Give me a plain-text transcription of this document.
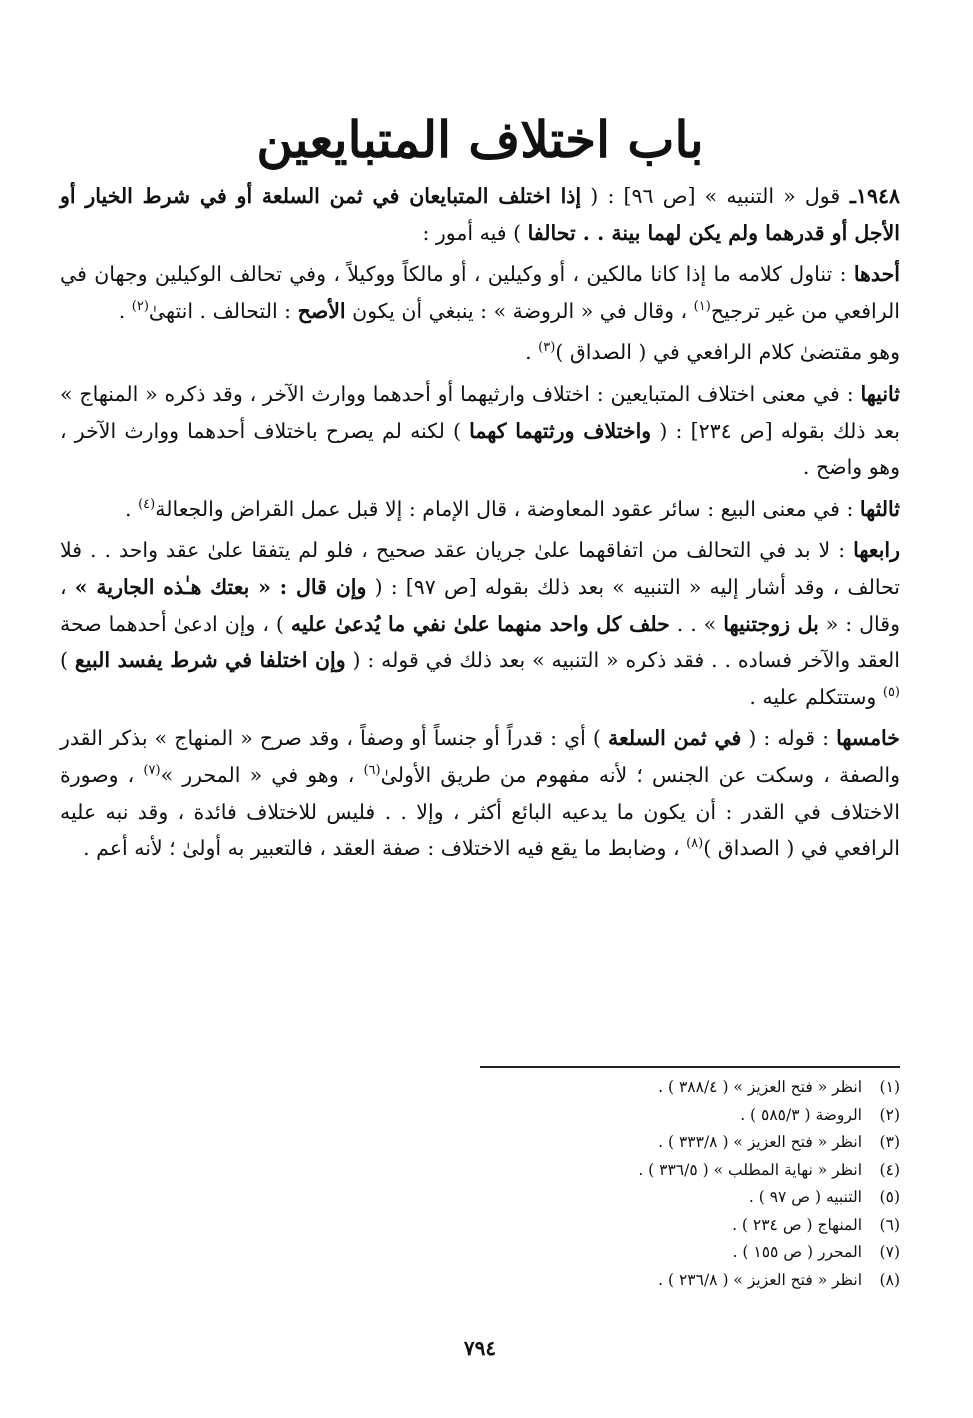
باب اختلاف المتبايعين

١٩٤٨ـ قول « التنبيه » [ص ٩٦] : ( إذا اختلف المتبايعان في ثمن السلعة أو في شرط الخيار أو الأجل أو قدرهما ولم يكن لهما بينة . . تحالفا ) فيه أمور :

أحدها : تناول كلامه ما إذا كانا مالكين ، أو وكيلين ، أو مالكاً ووكيلاً ، وفي تحالف الوكيلين وجهان في الرافعي من غير ترجيح$^{(١)}$ ، وقال في « الروضة » : ينبغي أن يكون الأصح : التحالف . انتهىٰ$^{(٢)}$ .

وهو مقتضىٰ كلام الرافعي في ( الصداق )$^{(٣)}$ .

ثانيها : في معنى اختلاف المتبايعين : اختلاف وارثيهما أو أحدهما ووارث الآخر ، وقد ذكره « المنهاج » بعد ذلك بقوله [ص ٢٣٤] : ( واختلاف ورثتهما كهما ) لكنه لم يصرح باختلاف أحدهما ووارث الآخر ، وهو واضح .

ثالثها : في معنى البيع : سائر عقود المعاوضة ، قال الإمام : إلا قبل عمل القراض والجعالة$^{(٤)}$ .

رابعها : لا بد في التحالف من اتفاقهما علىٰ جريان عقد صحيح ، فلو لم يتفقا علىٰ عقد واحد . . فلا تحالف ، وقد أشار إليه « التنبيه » بعد ذلك بقوله [ص ٩٧] : ( وإن قال : « بعتك هـٰذه الجارية » ، وقال : « بل زوجتنيها » . . حلف كل واحد منهما علىٰ نفي ما يُدعىٰ عليه ) ، وإن ادعىٰ أحدهما صحة العقد والآخر فساده . . فقد ذكره « التنبيه » بعد ذلك في قوله : ( وإن اختلفا في شرط يفسد البيع )$^{(٥)}$ وستتكلم عليه .

خامسها : قوله : ( في ثمن السلعة ) أي : قدراً أو جنساً أو وصفاً ، وقد صرح « المنهاج » بذكر القدر والصفة ، وسكت عن الجنس ؛ لأنه مفهوم من طريق الأولىٰ$^{(٦)}$ ، وهو في « المحرر »$^{(٧)}$ ، وصورة الاختلاف في القدر : أن يكون ما يدعيه البائع أكثر ، وإلا . . فليس للاختلاف فائدة ، وقد نبه عليه الرافعي في ( الصداق )$^{(٨)}$ ، وضابط ما يقع فيه الاختلاف : صفة العقد ، فالتعبير به أولىٰ ؛ لأنه أعم .

(١)
انظر « فتح العزيز » ( ٣٨٨/٤ ) .
(٢)
الروضة ( ٥٨٥/٣ ) .
(٣)
انظر « فتح العزيز » ( ٣٣٣/٨ ) .
(٤)
انظر « نهاية المطلب » ( ٣٣٦/٥ ) .
(٥)
التنبيه ( ص ٩٧ ) .
(٦)
المنهاج ( ص ٢٣٤ ) .
(٧)
المحرر ( ص ١٥٥ ) .
(٨)
انظر « فتح العزيز » ( ٢٣٦/٨ ) .
٧٩٤
